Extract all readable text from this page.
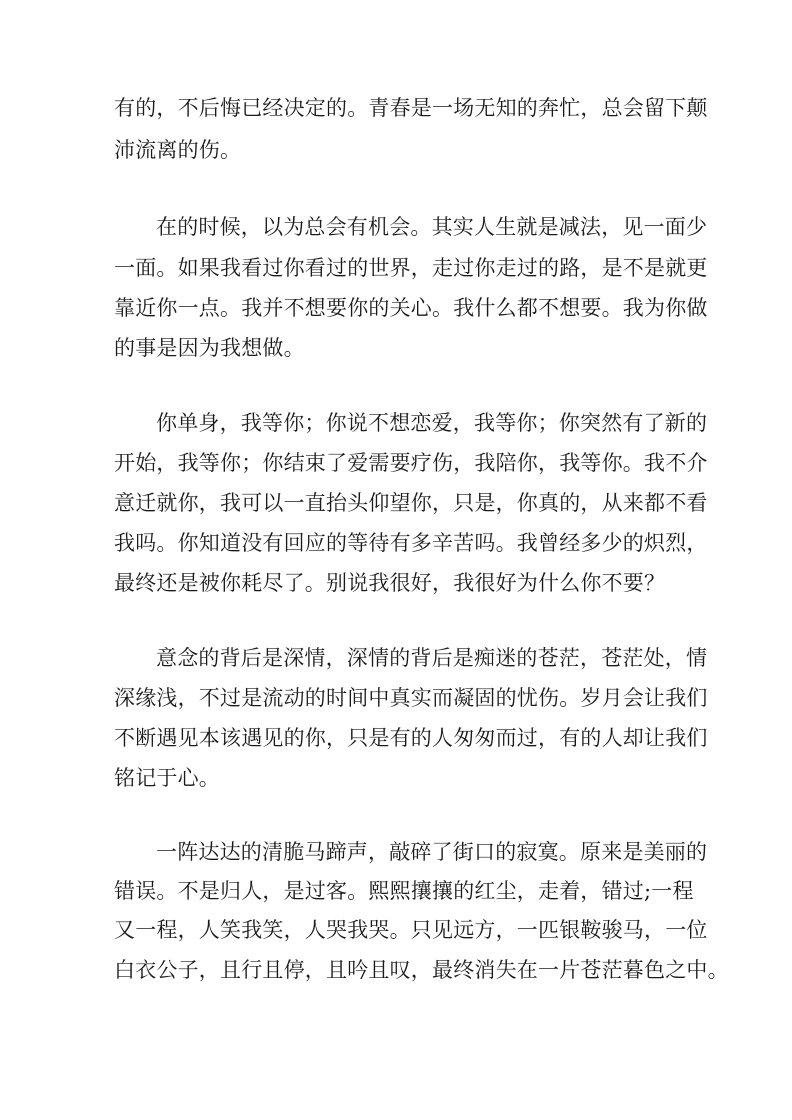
有的，不后悔已经决定的。青春是一场无知的奔忙，总会留下颠
沛流离的伤。
在的时候，以为总会有机会。其实人生就是减法，见一面少
一面。如果我看过你看过的世界，走过你走过的路，是不是就更
靠近你一点。我并不想要你的关心。我什么都不想要。我为你做
的事是因为我想做。
你单身，我等你；你说不想恋爱，我等你；你突然有了新的
开始，我等你；你结束了爱需要疗伤，我陪你，我等你。我不介
意迁就你，我可以一直抬头仰望你，只是，你真的，从来都不看
我吗。你知道没有回应的等待有多辛苦吗。我曾经多少的炽烈，
最终还是被你耗尽了。别说我很好，我很好为什么你不要？
意念的背后是深情，深情的背后是痴迷的苍茫，苍茫处，情
深缘浅，不过是流动的时间中真实而凝固的忧伤。岁月会让我们
不断遇见本该遇见的你，只是有的人匆匆而过，有的人却让我们
铭记于心。
一阵达达的清脆马蹄声，敲碎了街口的寂寞。原来是美丽的
错误。不是归人，是过客。熙熙攘攘的红尘，走着，错过;一程
又一程，人笑我笑，人哭我哭。只见远方，一匹银鞍骏马，一位
白衣公子，且行且停，且吟且叹，最终消失在一片苍茫暮色之中。
